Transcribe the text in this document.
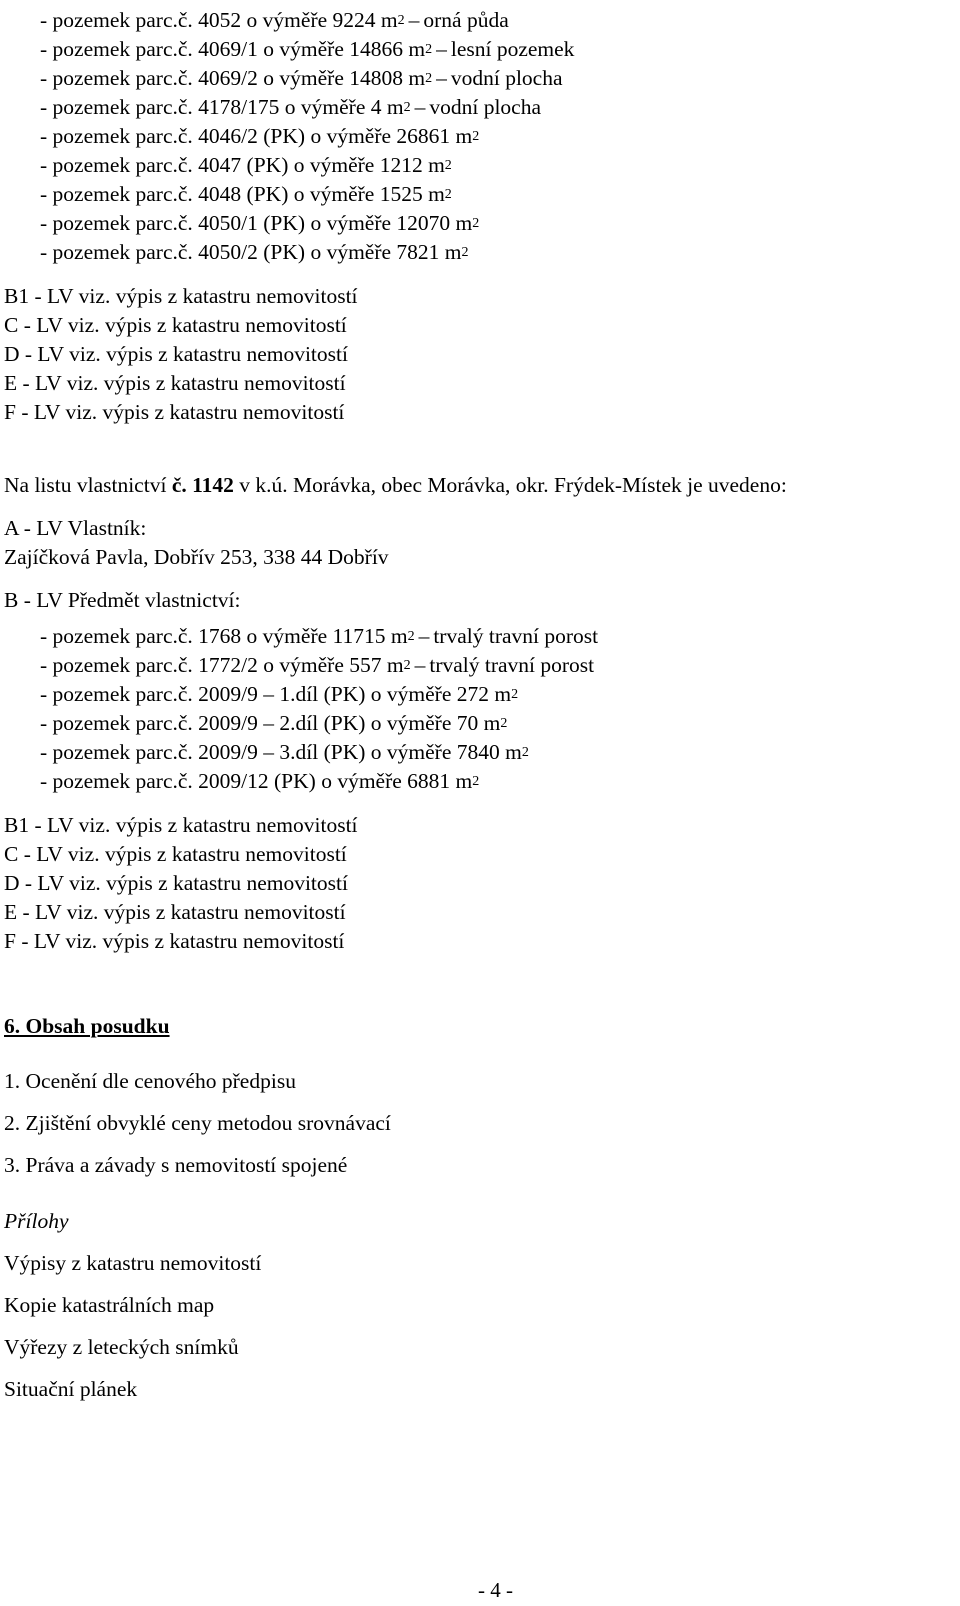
- pozemek parc.č. 4052 o výměře 9224 $m^2$ – orná půda
- pozemek parc.č. 4069/1 o výměře 14866 $m^2$ – lesní pozemek
- pozemek parc.č. 4069/2 o výměře 14808 $m^2$ – vodní plocha
- pozemek parc.č. 4178/175 o výměře 4 $m^2$ – vodní plocha
- pozemek parc.č. 4046/2 (PK) o výměře 26861 $m^2$
- pozemek parc.č. 4047 (PK) o výměře 1212 $m^2$
- pozemek parc.č. 4048 (PK) o výměře 1525 $m^2$
- pozemek parc.č. 4050/1 (PK) o výměře 12070 $m^2$
- pozemek parc.č. 4050/2 (PK) o výměře 7821 $m^2$
B1 - LV viz. výpis z katastru nemovitostí
C - LV viz. výpis z katastru nemovitostí
D - LV viz. výpis z katastru nemovitostí
E - LV viz. výpis z katastru nemovitostí
F - LV viz. výpis z katastru nemovitostí
Na listu vlastnictví č. 1142 v k.ú. Morávka, obec Morávka, okr. Frýdek-Místek je uvedeno:
A - LV Vlastník:
Zajíčková Pavla, Dobřív 253, 338 44 Dobřív
B - LV Předmět vlastnictví:
- pozemek parc.č. 1768 o výměře 11715 $m^2$ – trvalý travní porost
- pozemek parc.č. 1772/2 o výměře 557 $m^2$ – trvalý travní porost
- pozemek parc.č. 2009/9 – 1.díl (PK) o výměře 272 $m^2$
- pozemek parc.č. 2009/9 – 2.díl (PK) o výměře 70 $m^2$
- pozemek parc.č. 2009/9 – 3.díl (PK) o výměře 7840 $m^2$
- pozemek parc.č. 2009/12 (PK) o výměře 6881 $m^2$
B1 - LV viz. výpis z katastru nemovitostí
C - LV viz. výpis z katastru nemovitostí
D - LV viz. výpis z katastru nemovitostí
E - LV viz. výpis z katastru nemovitostí
F - LV viz. výpis z katastru nemovitostí
6. Obsah posudku
1. Ocenění dle cenového předpisu
2. Zjištění obvyklé ceny metodou srovnávací
3. Práva a závady s nemovitostí spojené
Přílohy
Výpisy z katastru nemovitostí
Kopie katastrálních map
Výřezy z leteckých snímků
Situační plánek
- 4 -
